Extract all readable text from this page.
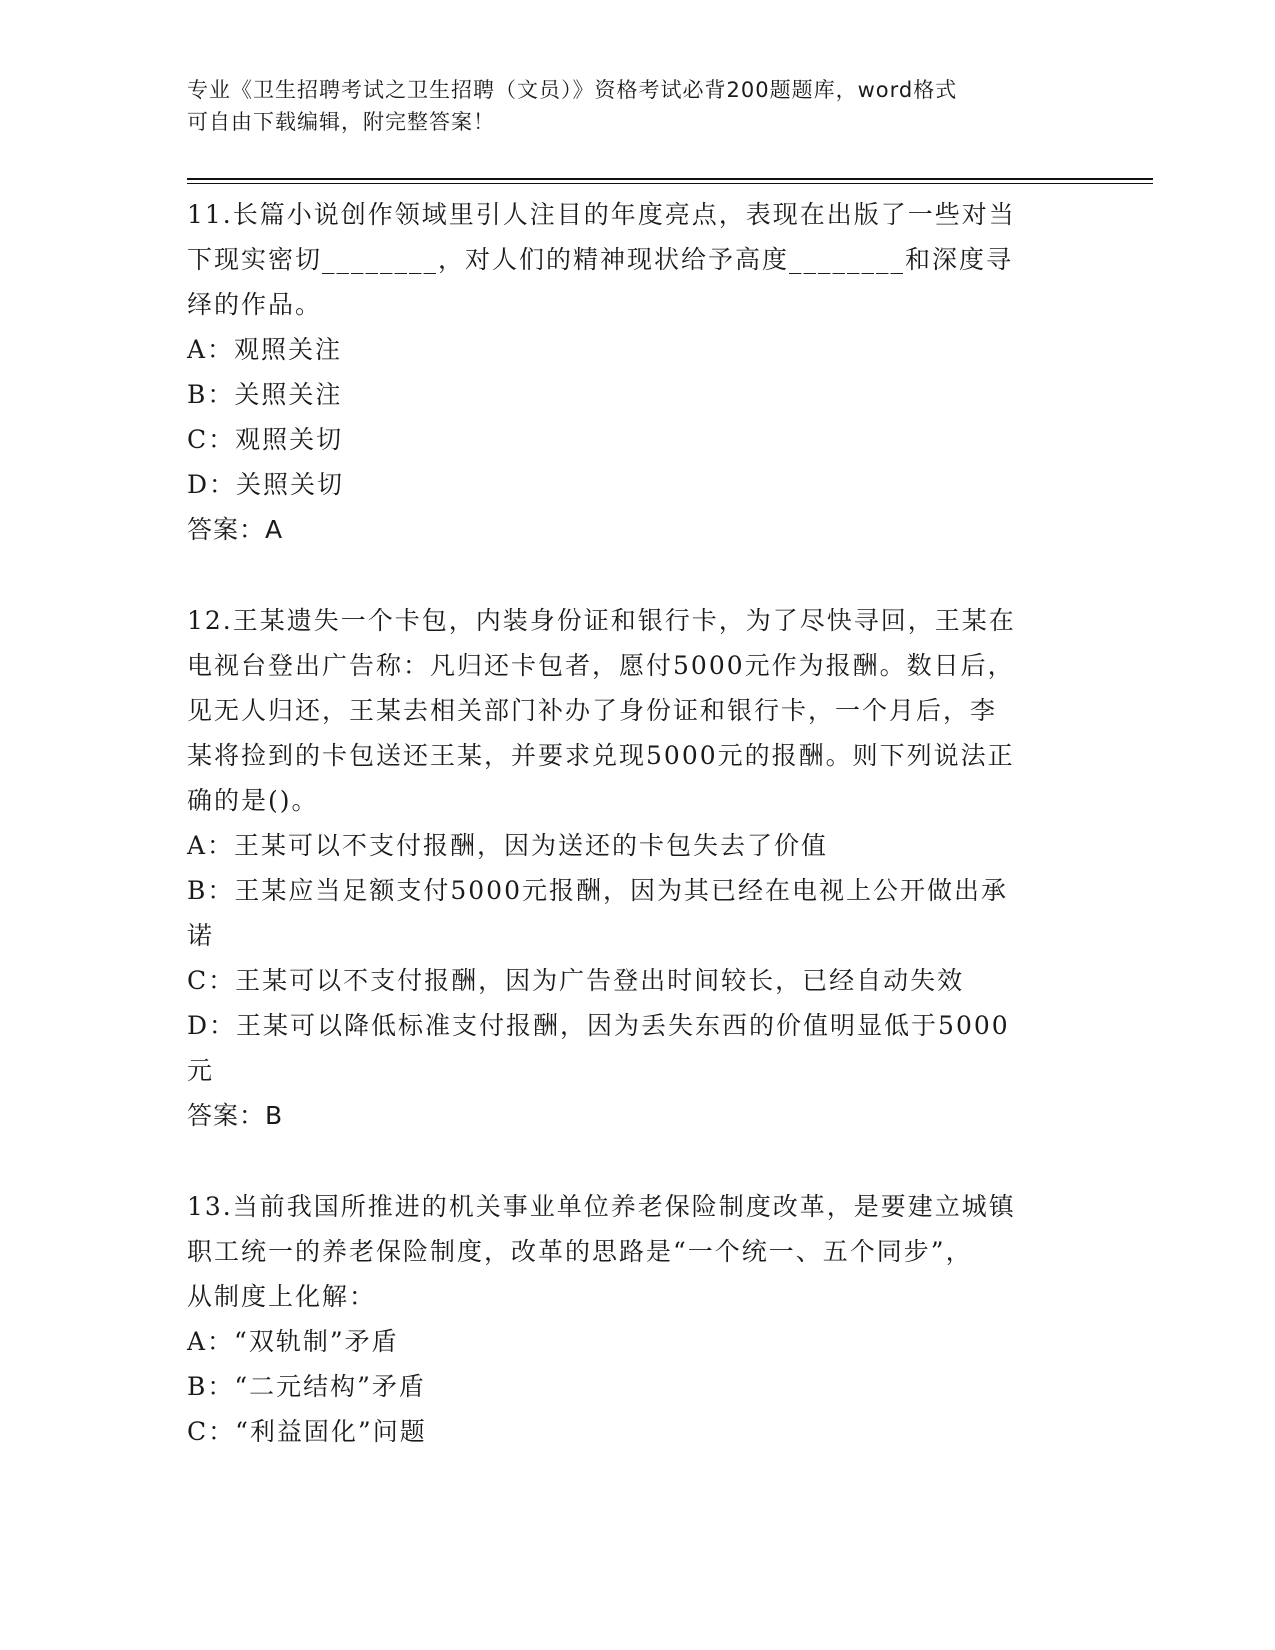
专业《卫生招聘考试之卫生招聘（文员）》资格考试必背200题题库，word格式
可自由下载编辑，附完整答案！

11.长篇小说创作领域里引人注目的年度亮点，表现在出版了一些对当

下现实密切________，对人们的精神现状给予高度________和深度寻

绎的作品。

A：观照关注

B：关照关注

C：观照关切

D：关照关切

答案：A

12.王某遗失一个卡包，内装身份证和银行卡，为了尽快寻回，王某在

电视台登出广告称：凡归还卡包者，愿付5000元作为报酬。数日后，

见无人归还，王某去相关部门补办了身份证和银行卡，一个月后，李

某将捡到的卡包送还王某，并要求兑现5000元的报酬。则下列说法正

确的是()。

A：王某可以不支付报酬，因为送还的卡包失去了价值

B：王某应当足额支付5000元报酬，因为其已经在电视上公开做出承

诺

C：王某可以不支付报酬，因为广告登出时间较长，已经自动失效

D：王某可以降低标准支付报酬，因为丢失东西的价值明显低于5000

元

答案：B

13.当前我国所推进的机关事业单位养老保险制度改革，是要建立城镇

职工统一的养老保险制度，改革的思路是“一个统一、五个同步”，

从制度上化解：

A：“双轨制”矛盾

B：“二元结构”矛盾

C：“利益固化”问题
